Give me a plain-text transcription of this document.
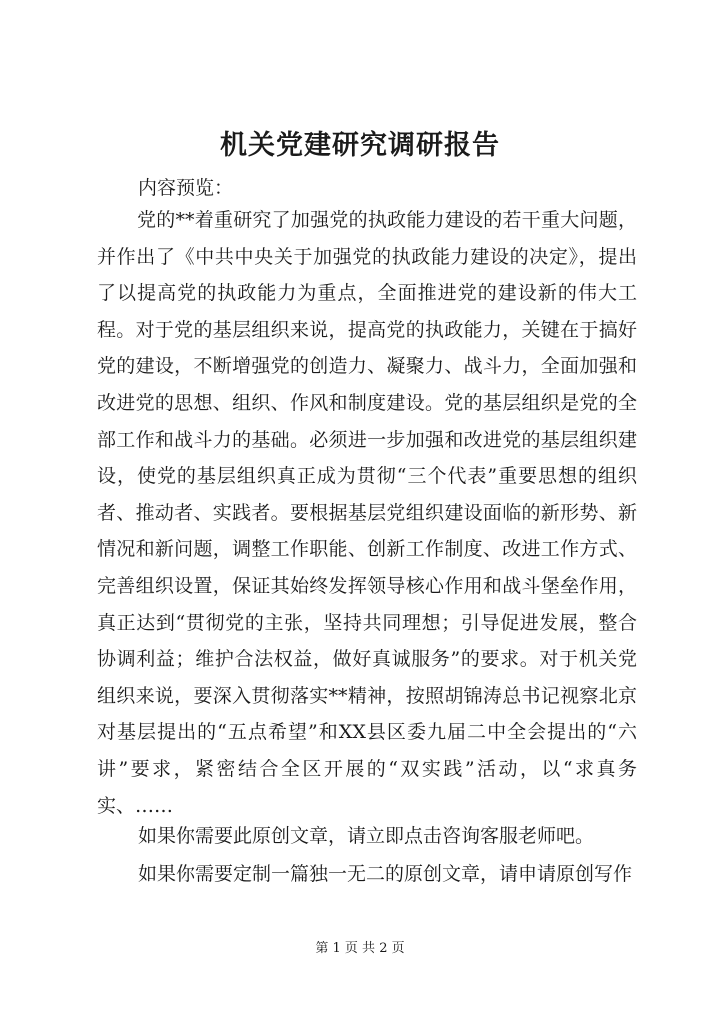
机关党建研究调研报告

内容预览：

党的**着重研究了加强党的执政能力建设的若干重大问题，并作出了《中共中央关于加强党的执政能力建设的决定》，提出了以提高党的执政能力为重点，全面推进党的建设新的伟大工程。对于党的基层组织来说，提高党的执政能力，关键在于搞好党的建设，不断增强党的创造力、凝聚力、战斗力，全面加强和改进党的思想、组织、作风和制度建设。党的基层组织是党的全部工作和战斗力的基础。必须进一步加强和改进党的基层组织建设，使党的基层组织真正成为贯彻“三个代表”重要思想的组织者、推动者、实践者。要根据基层党组织建设面临的新形势、新情况和新问题，调整工作职能、创新工作制度、改进工作方式、完善组织设置，保证其始终发挥领导核心作用和战斗堡垒作用，真正达到“贯彻党的主张，坚持共同理想；引导促进发展，整合协调利益；维护合法权益，做好真诚服务”的要求。对于机关党组织来说，要深入贯彻落实**精神，按照胡锦涛总书记视察北京对基层提出的“五点希望”和XX县区委九届二中全会提出的“六讲”要求，紧密结合全区开展的“双实践”活动，以“求真务实、……

如果你需要此原创文章，请立即点击咨询客服老师吧。

如果你需要定制一篇独一无二的原创文章，请申请原创写作

第 1 页 共 2 页
